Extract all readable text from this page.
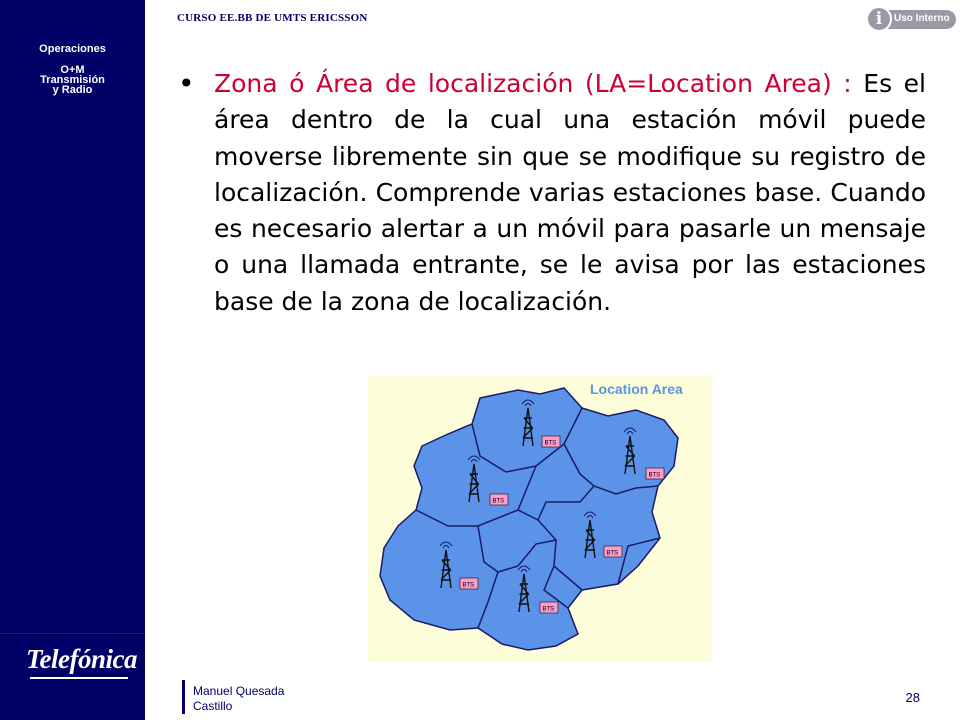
Operaciones
O+M
Transmisión
y Radio
Telefónica
CURSO EE.BB DE UMTS ERICSSON	Uso Interno
i
• Zona ó Área de localización (LA=Location Area) : Es el área dentro de la cual una estación móvil puede moverse libremente sin que se modifique su registro de localización. Comprende varias estaciones base. Cuando es necesario alertar a un móvil para pasarle un mensaje o una llamada entrante, se le avisa por las estaciones base de la zona de localización.

Location Area
BTS
BTS
BTS
BTS
BTS
BTS
Manuel Quesada
Castillo
28
